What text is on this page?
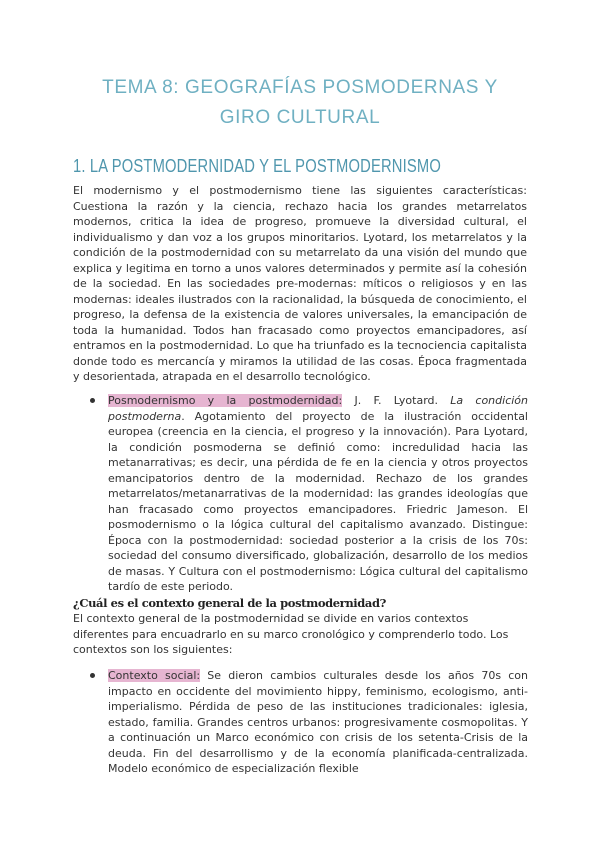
TEMA 8: GEOGRAFÍAS POSMODERNAS Y
GIRO CULTURAL
1. LA POSTMODERNIDAD Y EL POSTMODERNISMO

El modernismo y el postmodernismo tiene las siguientes características: Cuestiona la razón y la ciencia, rechazo hacia los grandes metarrelatos modernos, critica la idea de progreso, promueve la diversidad cultural, el individualismo y dan voz a los grupos minoritarios. Lyotard, los metarrelatos y la condición de la postmodernidad con su metarrelato da una visión del mundo que explica y legitima en torno a unos valores determinados y permite así la cohesión de la sociedad. En las sociedades pre-modernas: míticos o religiosos y en las modernas: ideales ilustrados con la racionalidad, la búsqueda de conocimiento, el progreso, la defensa de la existencia de valores universales, la emancipación de toda la humanidad. Todos han fracasado como proyectos emancipadores, así entramos en la postmodernidad. Lo que ha triunfado es la tecnociencia capitalista donde todo es mercancía y miramos la utilidad de las cosas. Época fragmentada y desorientada, atrapada en el desarrollo tecnológico.

Posmodernismo y la postmodernidad: J. F. Lyotard. La condición postmoderna. Agotamiento del proyecto de la ilustración occidental europea (creencia en la ciencia, el progreso y la innovación). Para Lyotard, la condición posmoderna se definió como: incredulidad hacia las metanarrativas; es decir, una pérdida de fe en la ciencia y otros proyectos emancipatorios dentro de la modernidad. Rechazo de los grandes metarrelatos/metanarrativas de la modernidad: las grandes ideologías que han fracasado como proyectos emancipadores. Friedric Jameson. El posmodernismo o la lógica cultural del capitalismo avanzado. Distingue: Época con la postmodernidad: sociedad posterior a la crisis de los 70s: sociedad del consumo diversificado, globalización, desarrollo de los medios de masas. Y Cultura con el postmodernismo: Lógica cultural del capitalismo tardío de este periodo.
¿Cuál es el contexto general de la postmodernidad?

El contexto general de la postmodernidad se divide en varios contextos diferentes para encuadrarlo en su marco cronológico y comprenderlo todo. Los contextos son los siguientes:

Contexto social: Se dieron cambios culturales desde los años 70s con impacto en occidente del movimiento hippy, feminismo, ecologismo, anti-imperialismo. Pérdida de peso de las instituciones tradicionales: iglesia, estado, familia. Grandes centros urbanos: progresivamente cosmopolitas. Y a continuación un Marco económico con crisis de los setenta-Crisis de la deuda. Fin del desarrollismo y de la economía planificada-centralizada. Modelo económico de especialización flexible
